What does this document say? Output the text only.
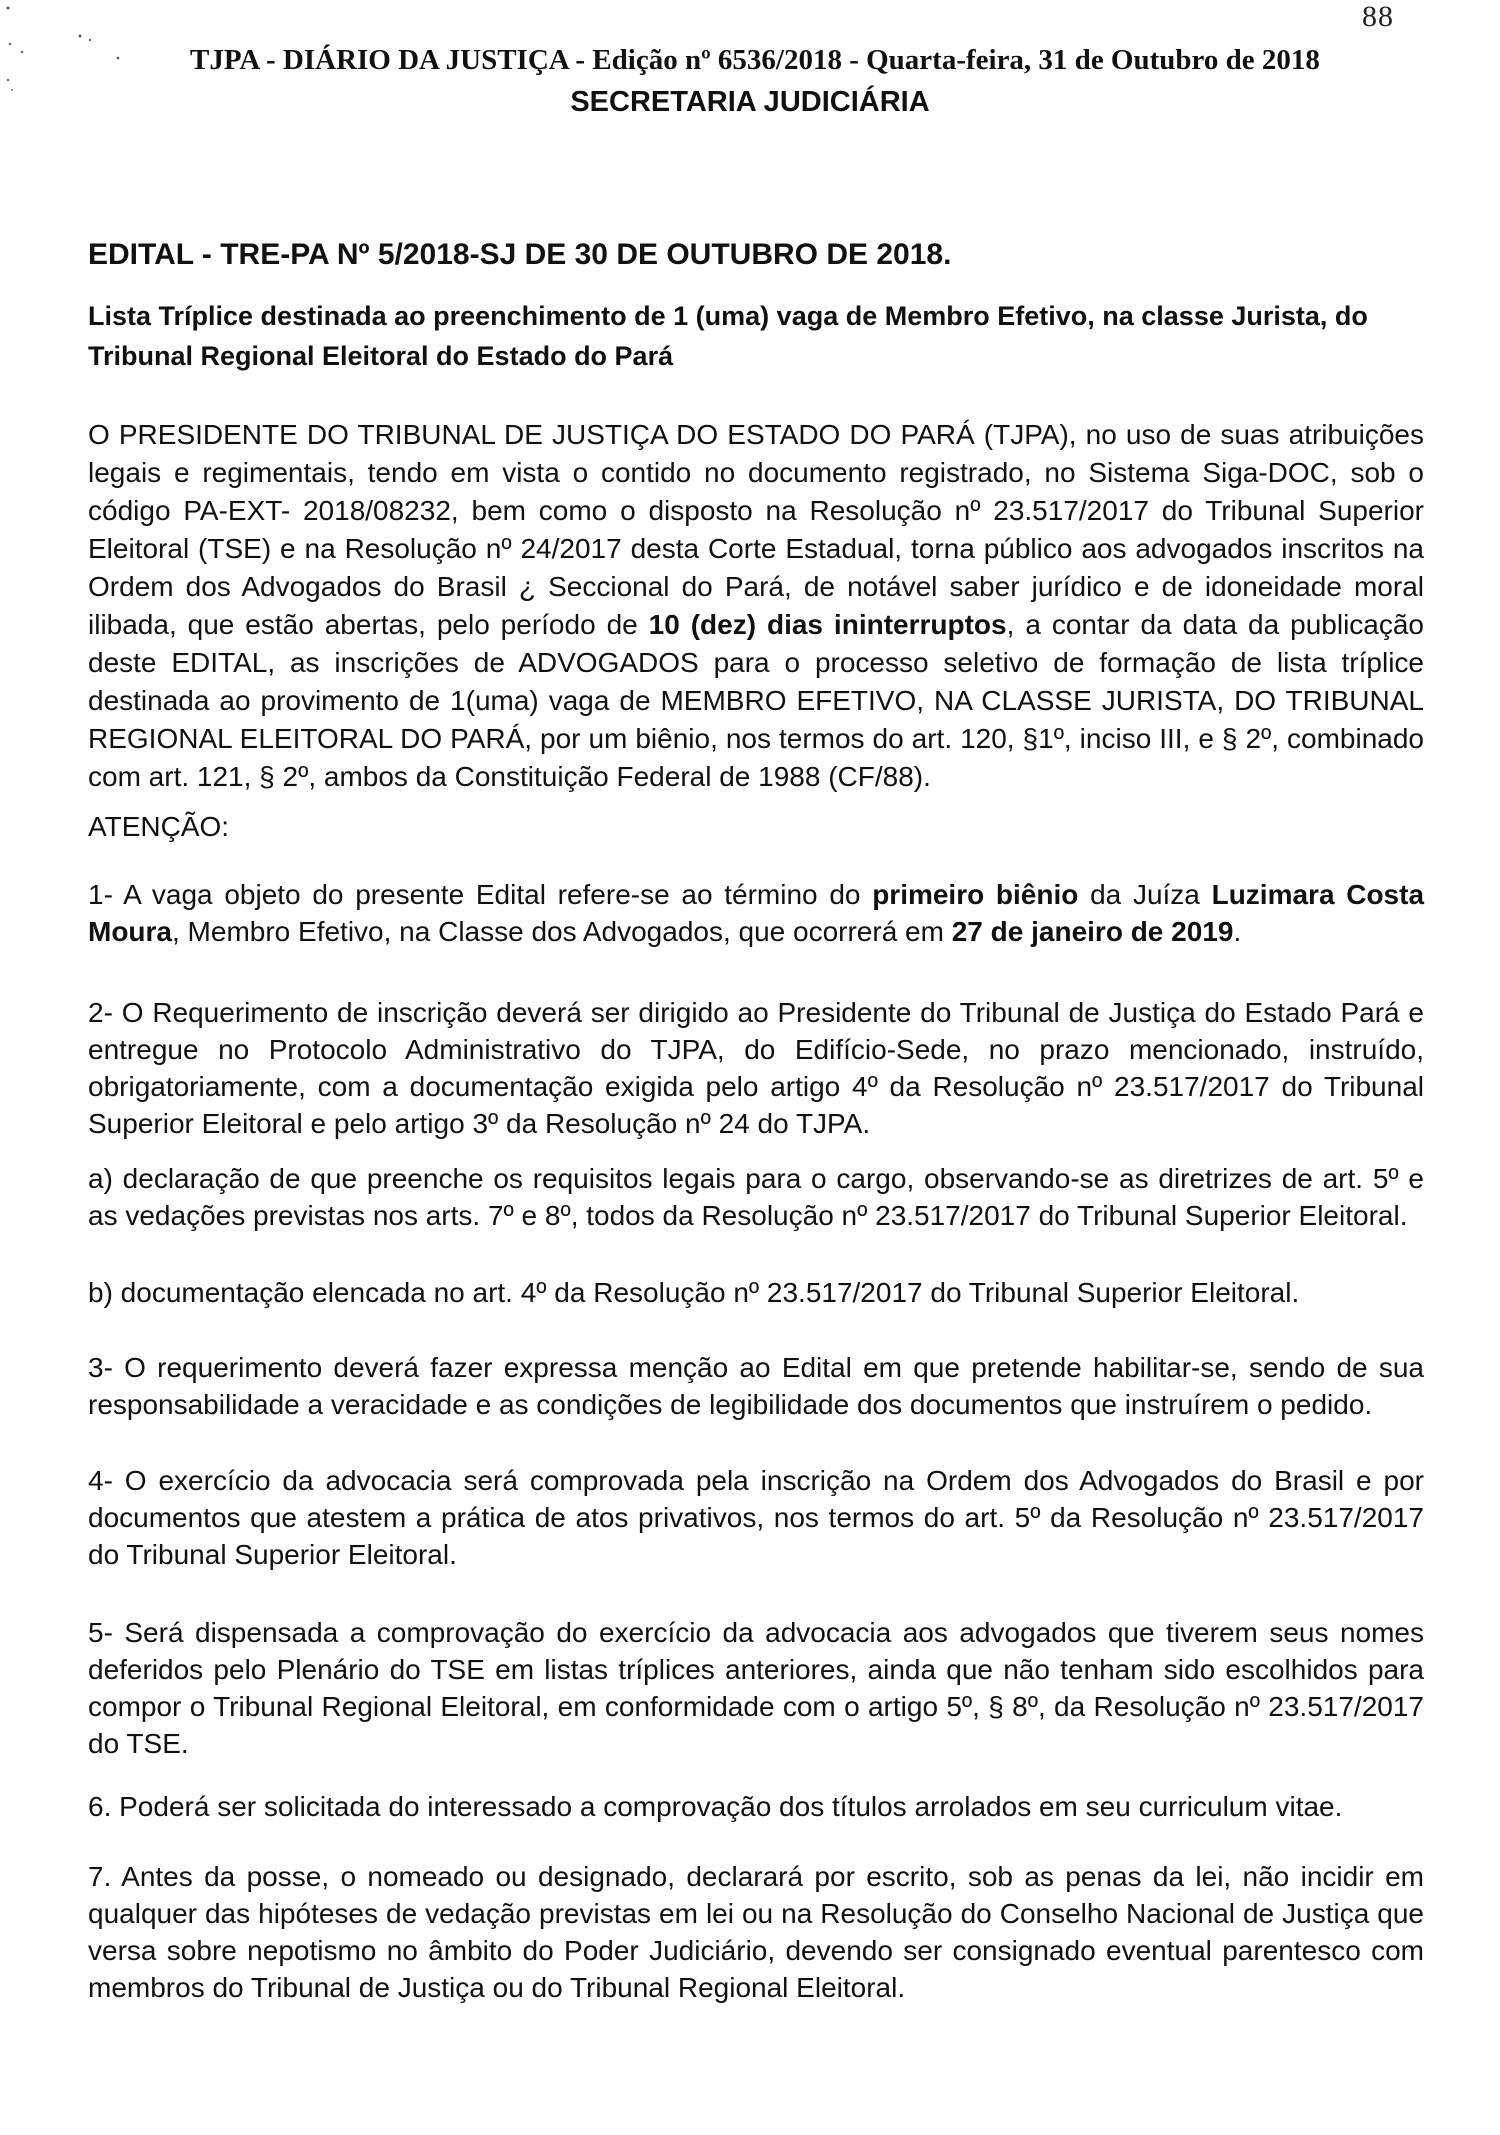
88
TJPA - DIÁRIO DA JUSTIÇA - Edição nº 6536/2018 - Quarta-feira, 31 de Outubro de 2018
SECRETARIA JUDICIÁRIA
EDITAL - TRE-PA Nº 5/2018-SJ DE 30 DE OUTUBRO DE 2018.
Lista Tríplice destinada ao preenchimento de 1 (uma) vaga de Membro Efetivo, na classe Jurista, do Tribunal Regional Eleitoral do Estado do Pará
O PRESIDENTE DO TRIBUNAL DE JUSTIÇA DO ESTADO DO PARÁ (TJPA), no uso de suas atribuições legais e regimentais, tendo em vista o contido no documento registrado, no Sistema Siga-DOC, sob o código PA-EXT- 2018/08232, bem como o disposto na Resolução nº 23.517/2017 do Tribunal Superior Eleitoral (TSE) e na Resolução nº 24/2017 desta Corte Estadual, torna público aos advogados inscritos na Ordem dos Advogados do Brasil ¿ Seccional do Pará, de notável saber jurídico e de idoneidade moral ilibada, que estão abertas, pelo período de 10 (dez) dias ininterruptos, a contar da data da publicação deste EDITAL, as inscrições de ADVOGADOS para o processo seletivo de formação de lista tríplice destinada ao provimento de 1(uma) vaga de MEMBRO EFETIVO, NA CLASSE JURISTA, DO TRIBUNAL REGIONAL ELEITORAL DO PARÁ, por um biênio, nos termos do art. 120, §1º, inciso III, e § 2º, combinado com art. 121, § 2º, ambos da Constituição Federal de 1988 (CF/88).
ATENÇÃO:
1- A vaga objeto do presente Edital refere-se ao término do primeiro biênio da Juíza Luzimara Costa Moura, Membro Efetivo, na Classe dos Advogados, que ocorrerá em 27 de janeiro de 2019.
2- O Requerimento de inscrição deverá ser dirigido ao Presidente do Tribunal de Justiça do Estado Pará e entregue no Protocolo Administrativo do TJPA, do Edifício-Sede, no prazo mencionado, instruído, obrigatoriamente, com a documentação exigida pelo artigo 4º da Resolução nº 23.517/2017 do Tribunal Superior Eleitoral e pelo artigo 3º da Resolução nº 24 do TJPA.
a) declaração de que preenche os requisitos legais para o cargo, observando-se as diretrizes de art. 5º e as vedações previstas nos arts. 7º e 8º, todos da Resolução nº 23.517/2017 do Tribunal Superior Eleitoral.
b) documentação elencada no art. 4º da Resolução nº 23.517/2017 do Tribunal Superior Eleitoral.
3- O requerimento deverá fazer expressa menção ao Edital em que pretende habilitar-se, sendo de sua responsabilidade a veracidade e as condições de legibilidade dos documentos que instruírem o pedido.
4- O exercício da advocacia será comprovada pela inscrição na Ordem dos Advogados do Brasil e por documentos que atestem a prática de atos privativos, nos termos do art. 5º da Resolução nº 23.517/2017 do Tribunal Superior Eleitoral.
5- Será dispensada a comprovação do exercício da advocacia aos advogados que tiverem seus nomes deferidos pelo Plenário do TSE em listas tríplices anteriores, ainda que não tenham sido escolhidos para compor o Tribunal Regional Eleitoral, em conformidade com o artigo 5º, § 8º, da Resolução nº 23.517/2017 do TSE.
6. Poderá ser solicitada do interessado a comprovação dos títulos arrolados em seu curriculum vitae.
7. Antes da posse, o nomeado ou designado, declarará por escrito, sob as penas da lei, não incidir em qualquer das hipóteses de vedação previstas em lei ou na Resolução do Conselho Nacional de Justiça que versa sobre nepotismo no âmbito do Poder Judiciário, devendo ser consignado eventual parentesco com membros do Tribunal de Justiça ou do Tribunal Regional Eleitoral.
